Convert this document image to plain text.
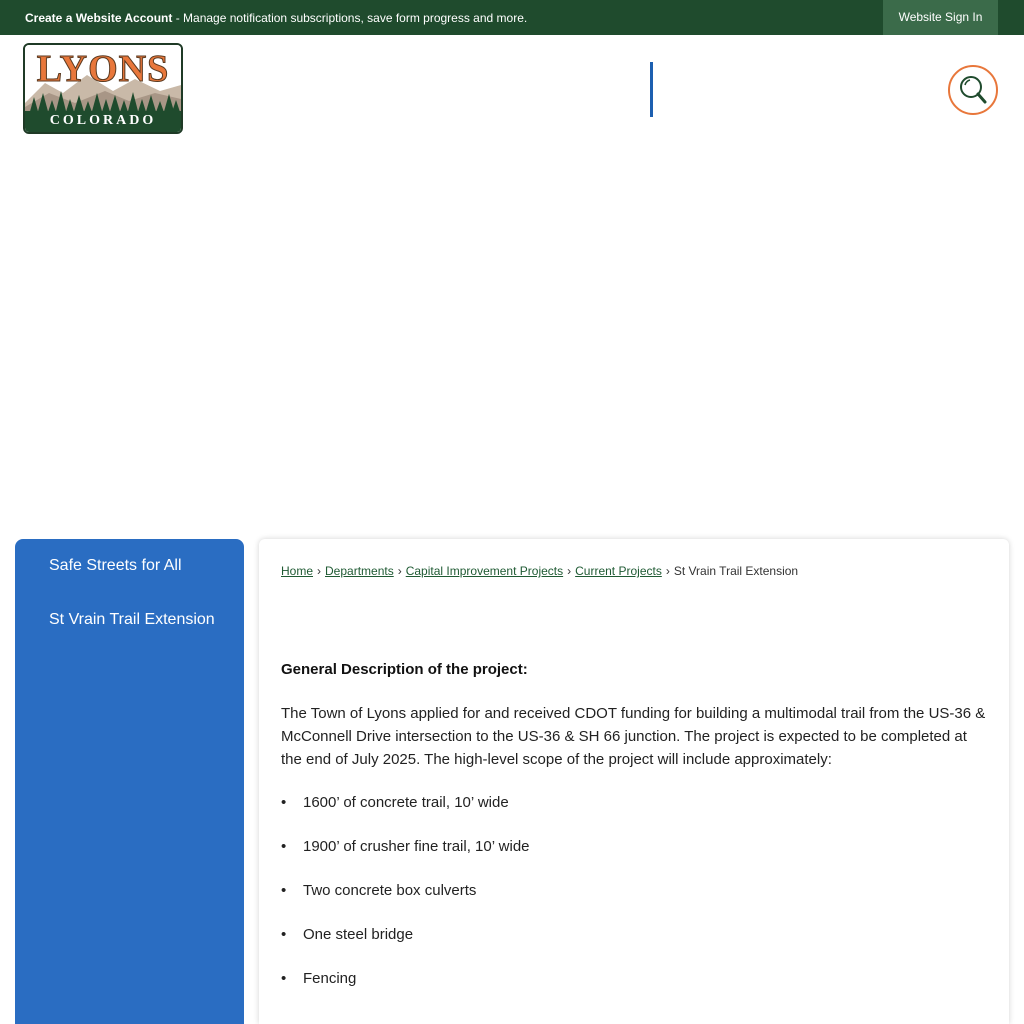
Create a Website Account - Manage notification subscriptions, save form progress and more.	Website Sign In
LYONS
COLORADO
Safe Streets for All
St Vrain Trail Extension
Home › Departments › Capital Improvement Projects › Current Projects › St Vrain Trail Extension
General Description of the project:

The Town of Lyons applied for and received CDOT funding for building a multimodal trail from the US-36 & McConnell Drive intersection to the US-36 & SH 66 junction. The project is expected to be completed at the end of July 2025. The high-level scope of the project will include approximately:

• 1600’ of concrete trail, 10’ wide
• 1900’ of crusher fine trail, 10’ wide
• Two concrete box culverts
• One steel bridge
• Fencing
